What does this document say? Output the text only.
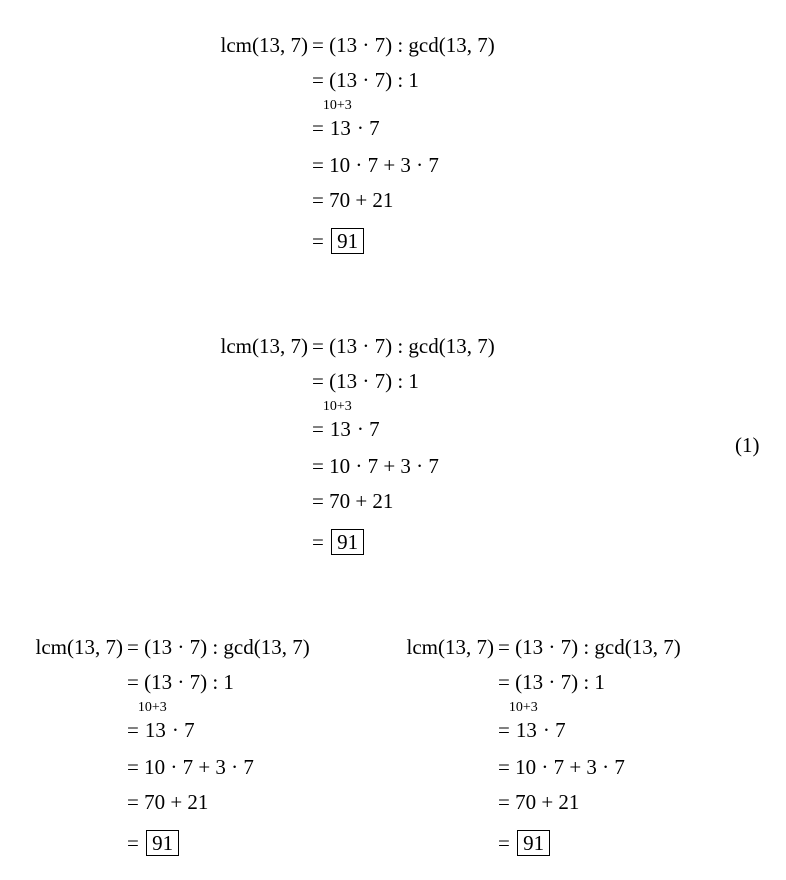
lcm(13, 7) = (13 · 7) : gcd(13, 7)
= (13 · 7) : 1
=
10+3
13 · 7
= 10 · 7 + 3 · 7
= 70 + 21
= 91
lcm(13, 7) = (13 · 7) : gcd(13, 7)
= (13 · 7) : 1
=
10+3
13 · 7
= 10 · 7 + 3 · 7
= 70 + 21
= 91
lcm(13, 7) = (13 · 7) : gcd(13, 7)
= (13 · 7) : 1
=
10+3
13 · 7
= 10 · 7 + 3 · 7
= 70 + 21
= 91
lcm(13, 7) = (13 · 7) : gcd(13, 7)
= (13 · 7) : 1
=
10+3
13 · 7
= 10 · 7 + 3 · 7
= 70 + 21
= 91
(1)
